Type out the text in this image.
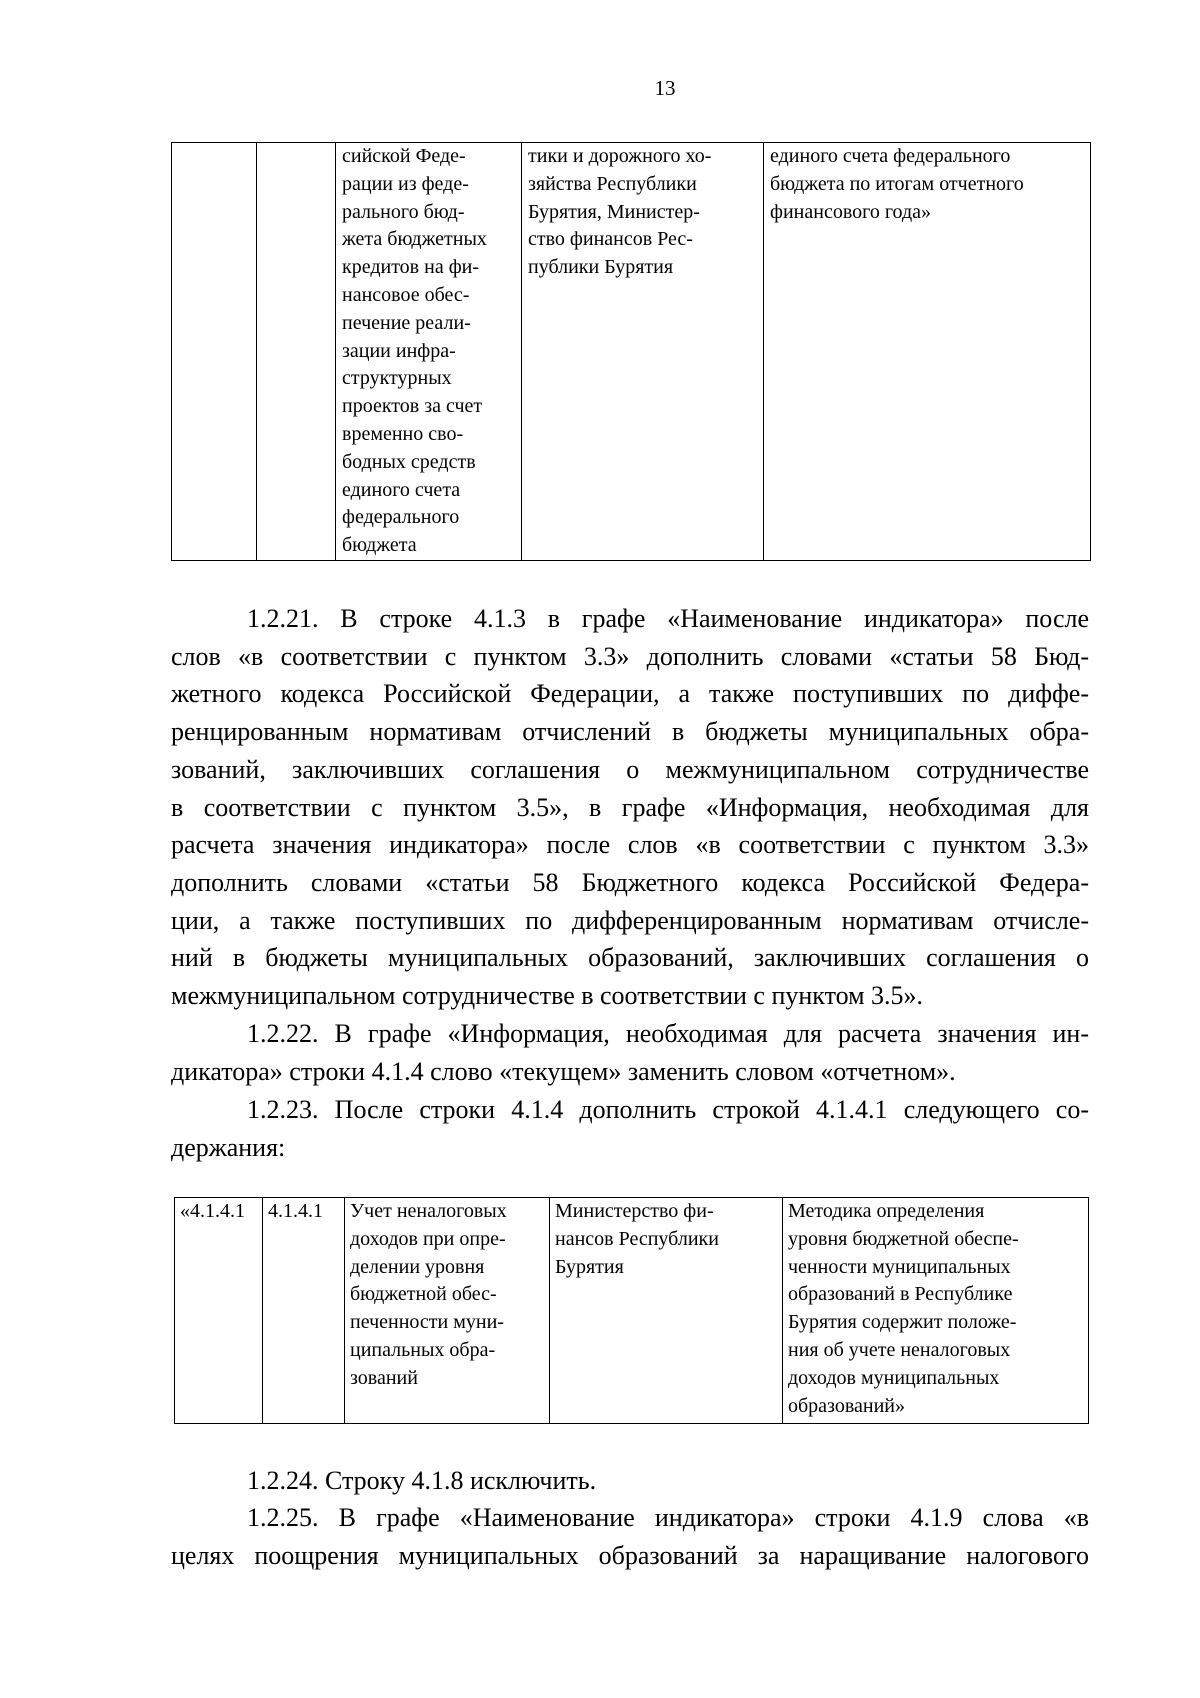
13
		сийской Феде-
рации из феде-
рального бюд-
жета бюджетных
кредитов на фи-
нансовое обес-
печение реали-
зации инфра-
структурных
проектов за счет
временно сво-
бодных средств
единого счета
федерального
бюджета	тики и дорожного хо-
зяйства Республики
Бурятия, Министер-
ство финансов Рес-
публики Бурятия	единого счета федерального
бюджета по итогам отчетного
финансового года»
1.2.21. В строке 4.1.3 в графе «Наименование индикатора» после
слов «в соответствии с пунктом 3.3» дополнить словами «статьи 58 Бюд-
жетного кодекса Российской Федерации, а также поступивших по диффе-
ренцированным нормативам отчислений в бюджеты муниципальных обра-
зований, заключивших соглашения о межмуниципальном сотрудничестве
в соответствии с пунктом 3.5», в графе «Информация, необходимая для
расчета значения индикатора» после слов «в соответствии с пунктом 3.3»
дополнить словами «статьи 58 Бюджетного кодекса Российской Федера-
ции, а также поступивших по дифференцированным нормативам отчисле-
ний в бюджеты муниципальных образований, заключивших соглашения о
межмуниципальном сотрудничестве в соответствии с пунктом 3.5».
1.2.22. В графе «Информация, необходимая для расчета значения ин-
дикатора» строки 4.1.4 слово «текущем» заменить словом «отчетном».
1.2.23. После строки 4.1.4 дополнить строкой 4.1.4.1 следующего со-
держания:
«4.1.4.1	4.1.4.1	Учет неналоговых
доходов при опре-
делении уровня
бюджетной обес-
печенности муни-
ципальных обра-
зований	Министерство фи-
нансов Республики
Бурятия	Методика определения
уровня бюджетной обеспе-
ченности муниципальных
образований в Республике
Бурятия содержит положе-
ния об учете неналоговых
доходов муниципальных
образований»
1.2.24. Строку 4.1.8 исключить.
1.2.25. В графе «Наименование индикатора» строки 4.1.9 слова «в
целях поощрения муниципальных образований за наращивание налогового
